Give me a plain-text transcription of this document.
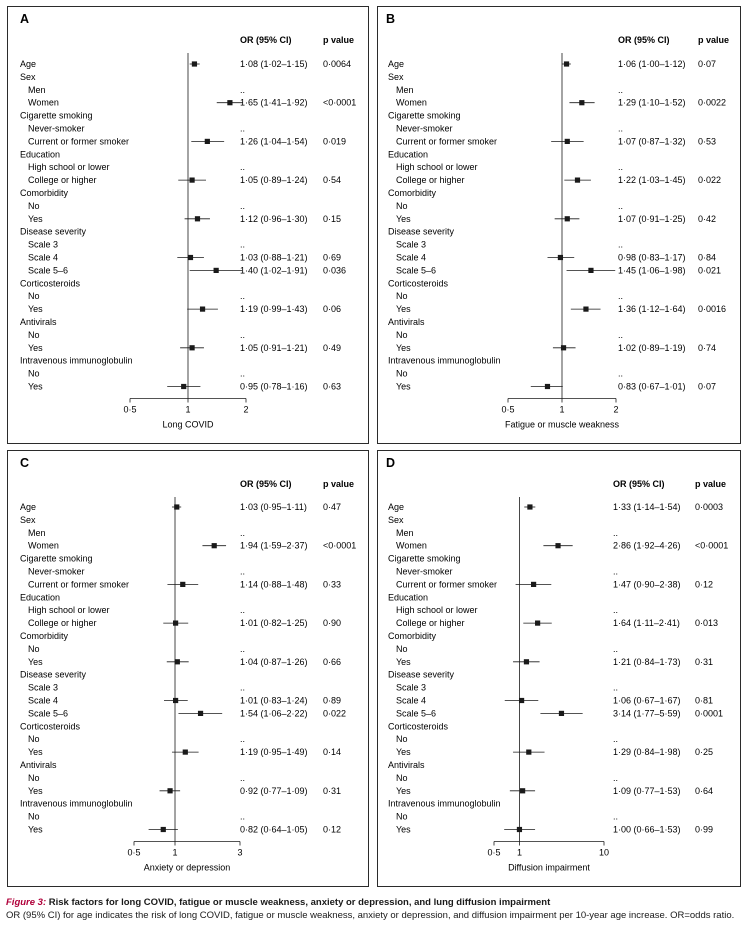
A
OR (95% CI)	p value
Age	1·08 (1·02–1·15) 0·0064
Sex
Men	..
Women	1·65 (1·41–1·92) <0·0001
Cigarette smoking
Never-smoker	..
Current or former smoker	1·26 (1·04–1·54) 0·019
Education
High school or lower	..
College or higher	1·05 (0·89–1·24) 0·54
Comorbidity
No	..
Yes	1·12 (0·96–1·30) 0·15
Disease severity
Scale 3	..
Scale 4	1·03 (0·88–1·21) 0·69
Scale 5–6	1·40 (1·02–1·91) 0·036
Corticosteroids
No	..
Yes	1·19 (0·99–1·43) 0·06
Antivirals
No	..
Yes	1·05 (0·91–1·21) 0·49
Intravenous immunoglobulin
No	..
Yes	0·95 (0·78–1·16) 0·63
0·5	1	2
Long COVID
B
OR (95% CI)	p value
Age	1·06 (1·00–1·12) 0·07
Sex
Men	..
Women	1·29 (1·10–1·52) 0·0022
Cigarette smoking
Never-smoker	..
Current or former smoker	1·07 (0·87–1·32) 0·53
Education
High school or lower	..
College or higher	1·22 (1·03–1·45) 0·022
Comorbidity
No	..
Yes	1·07 (0·91–1·25) 0·42
Disease severity
Scale 3	..
Scale 4	0·98 (0·83–1·17) 0·84
Scale 5–6	1·45 (1·06–1·98) 0·021
Corticosteroids
No	..
Yes	1·36 (1·12–1·64) 0·0016
Antivirals
No	..
Yes	1·02 (0·89–1·19) 0·74
Intravenous immunoglobulin
No	..
Yes	0·83 (0·67–1·01) 0·07
0·5	1	2
Fatigue or muscle weakness
C
OR (95% CI)	p value
Age	1·03 (0·95–1·11) 0·47
Sex
Men	..
Women	1·94 (1·59–2·37) <0·0001
Cigarette smoking
Never-smoker	..
Current or former smoker	1·14 (0·88–1·48) 0·33
Education
High school or lower	..
College or higher	1·01 (0·82–1·25) 0·90
Comorbidity
No	..
Yes	1·04 (0·87–1·26) 0·66
Disease severity
Scale 3	..
Scale 4	1·01 (0·83–1·24) 0·89
Scale 5–6	1·54 (1·06–2·22) 0·022
Corticosteroids
No	..
Yes	1·19 (0·95–1·49) 0·14
Antivirals
No	..
Yes	0·92 (0·77–1·09) 0·31
Intravenous immunoglobulin
No	..
Yes	0·82 (0·64–1·05) 0·12
0·5	1	3
Anxiety or depression
D
OR (95% CI)	p value
Age	1·33 (1·14–1·54) 0·0003
Sex
Men	..
Women	2·86 (1·92–4·26) <0·0001
Cigarette smoking
Never-smoker	..
Current or former smoker	1·47 (0·90–2·38) 0·12
Education
High school or lower	..
College or higher	1·64 (1·11–2·41) 0·013
Comorbidity
No	..
Yes	1·21 (0·84–1·73) 0·31
Disease severity
Scale 3	..
Scale 4	1·06 (0·67–1·67) 0·81
Scale 5–6	3·14 (1·77–5·59) 0·0001
Corticosteroids
No	..
Yes	1·29 (0·84–1·98) 0·25
Antivirals
No	..
Yes	1·09 (0·77–1·53) 0·64
Intravenous immunoglobulin
No	..
Yes	1·00 (0·66–1·53) 0·99
0·5 1	10
Diffusion impairment
Figure 3: Risk factors for long COVID, fatigue or muscle weakness, anxiety or depression, and lung diffusion impairment
OR (95% CI) for age indicates the risk of long COVID, fatigue or muscle weakness, anxiety or depression, and diffusion impairment per 10-year age increase. OR=odds ratio.
